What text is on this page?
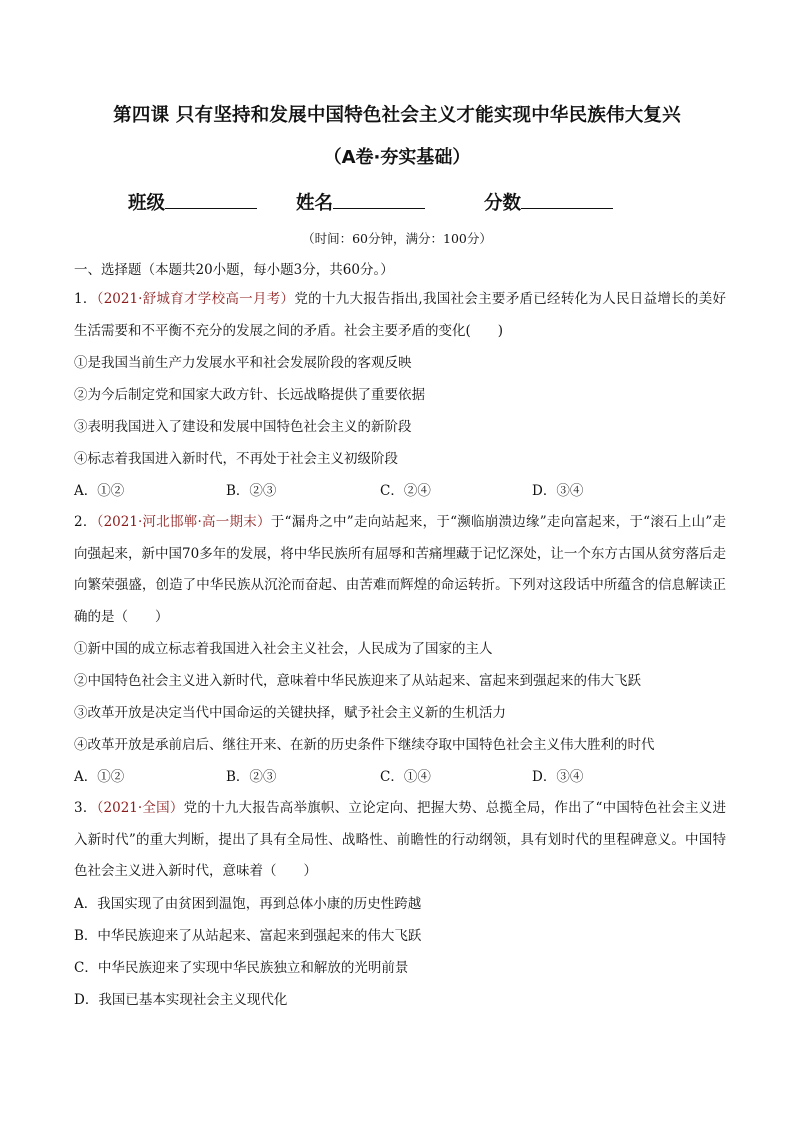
第四课 只有坚持和发展中国特色社会主义才能实现中华民族伟大复兴
（A卷·夯实基础）
班级	姓名	分数
（时间：60分钟，满分：100分）
一、选择题（本题共20小题，每小题3分，共60分。）
1．（2021·舒城育才学校高一月考）党的十九大报告指出,我国社会主要矛盾已经转化为人民日益增长的美好生活需要和不平衡不充分的发展之间的矛盾。社会主要矛盾的变化(　　)
①是我国当前生产力发展水平和社会发展阶段的客观反映
②为今后制定党和国家大政方针、长远战略提供了重要依据
③表明我国进入了建设和发展中国特色社会主义的新阶段
④标志着我国进入新时代，不再处于社会主义初级阶段
A．①②	B．②③	C．②④	D．③④
2．（2021·河北邯郸·高一期末）于“漏舟之中”走向站起来，于“濒临崩溃边缘”走向富起来，于“滚石上山”走向强起来，新中国70多年的发展，将中华民族所有屈辱和苦痛埋藏于记忆深处，让一个东方古国从贫穷落后走向繁荣强盛，创造了中华民族从沉沦而奋起、由苦难而辉煌的命运转折。下列对这段话中所蕴含的信息解读正确的是（　　）
①新中国的成立标志着我国进入社会主义社会，人民成为了国家的主人
②中国特色社会主义进入新时代，意味着中华民族迎来了从站起来、富起来到强起来的伟大飞跃
③改革开放是决定当代中国命运的关键抉择，赋予社会主义新的生机活力
④改革开放是承前启后、继往开来、在新的历史条件下继续夺取中国特色社会主义伟大胜利的时代
A．①②	B．②③	C．①④	D．③④
3．（2021·全国）党的十九大报告高举旗帜、立论定向、把握大势、总揽全局，作出了“中国特色社会主义进入新时代”的重大判断，提出了具有全局性、战略性、前瞻性的行动纲领，具有划时代的里程碑意义。中国特色社会主义进入新时代，意味着（　　）
A．我国实现了由贫困到温饱，再到总体小康的历史性跨越
B．中华民族迎来了从站起来、富起来到强起来的伟大飞跃
C．中华民族迎来了实现中华民族独立和解放的光明前景
D．我国已基本实现社会主义现代化
